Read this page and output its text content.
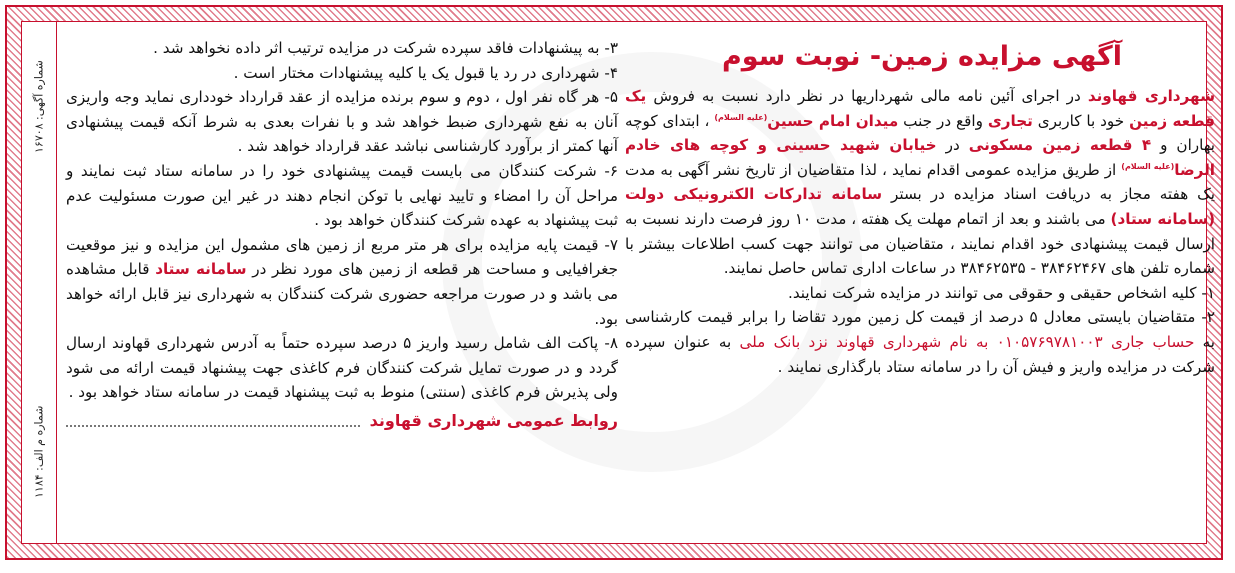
شماره آگهی: ۱۶۷۰۸
شماره م الف: ۱۱۸۴
آگهی مزایده زمین- نوبت سوم

شهرداری قهاوند در اجرای آئین نامه مالی شهرداریها در نظر دارد نسبت به فروش یک قطعه زمین خود با کاربری تجاری واقع در جنب میدان امام حسین$^{(علیه السلام)}$ ، ابتدای کوچه بهاران و ۴ قطعه زمین مسکونی در خیابان شهید حسینی و کوچه های خادم الرضا$^{(علیه السلام)}$ از طریق مزایده عمومی اقدام نماید ، لذا متقاضیان از تاریخ نشر آگهی به مدت یک هفته مجاز به دریافت اسناد مزایده در بستر سامانه تدارکات الکترونیکی دولت (سامانه ستاد) می باشند و بعد از اتمام مهلت یک هفته ، مدت ۱۰ روز فرصت دارند نسبت به ارسال قیمت پیشنهادی خود اقدام نمایند ، متقاضیان می توانند جهت کسب اطلاعات بیشتر با شماره تلفن های ۳۸۴۶۲۴۶۷ - ۳۸۴۶۲۵۳۵ در ساعات اداری تماس حاصل نمایند.

۱- کلیه اشخاص حقیقی و حقوقی می توانند در مزایده شرکت نمایند.

۲- متقاضیان بایستی معادل ۵ درصد از قیمت کل زمین مورد تقاضا را برابر قیمت کارشناسی به حساب جاری ۰۱۰۵۷۶۹۷۸۱۰۰۳ به نام شهرداری قهاوند نزد بانک ملی به عنوان سپرده شرکت در مزایده واریز و فیش آن را در سامانه ستاد بارگذاری نمایند .

۳- به پیشنهادات فاقد سپرده شرکت در مزایده ترتیب اثر داده نخواهد شد .

۴- شهرداری در رد یا قبول یک یا کلیه پیشنهادات مختار است .

۵- هر گاه نفر اول ، دوم و سوم برنده مزایده از عقد قرارداد خودداری نماید وجه واریزی آنان به نفع شهرداری ضبط خواهد شد و با نفرات بعدی به شرط آنکه قیمت پیشنهادی آنها کمتر از برآورد کارشناسی نباشد عقد قرارداد خواهد شد .

۶- شرکت کنندگان می بایست قیمت پیشنهادی خود را در سامانه ستاد ثبت نمایند و مراحل آن را امضاء و تایید نهایی با توکن انجام دهند در غیر این صورت مسئولیت عدم ثبت پیشنهاد به عهده شرکت کنندگان خواهد بود .

۷- قیمت پایه مزایده برای هر متر مربع از زمین های مشمول این مزایده و نیز موقعیت جغرافیایی و مساحت هر قطعه از زمین های مورد نظر در سامانه ستاد قابل مشاهده می باشد و در صورت مراجعه حضوری شرکت کنندگان به شهرداری نیز قابل ارائه خواهد بود.

۸- پاکت الف شامل رسید واریز ۵ درصد سپرده حتماً به آدرس شهرداری قهاوند ارسال گردد و در صورت تمایل شرکت کنندگان فرم کاغذی جهت پیشنهاد قیمت ارائه می شود ولی پذیرش فرم کاغذی (سنتی) منوط به ثبت پیشنهاد قیمت در سامانه ستاد خواهد بود .

روابط عمومی شهرداری قهاوند
